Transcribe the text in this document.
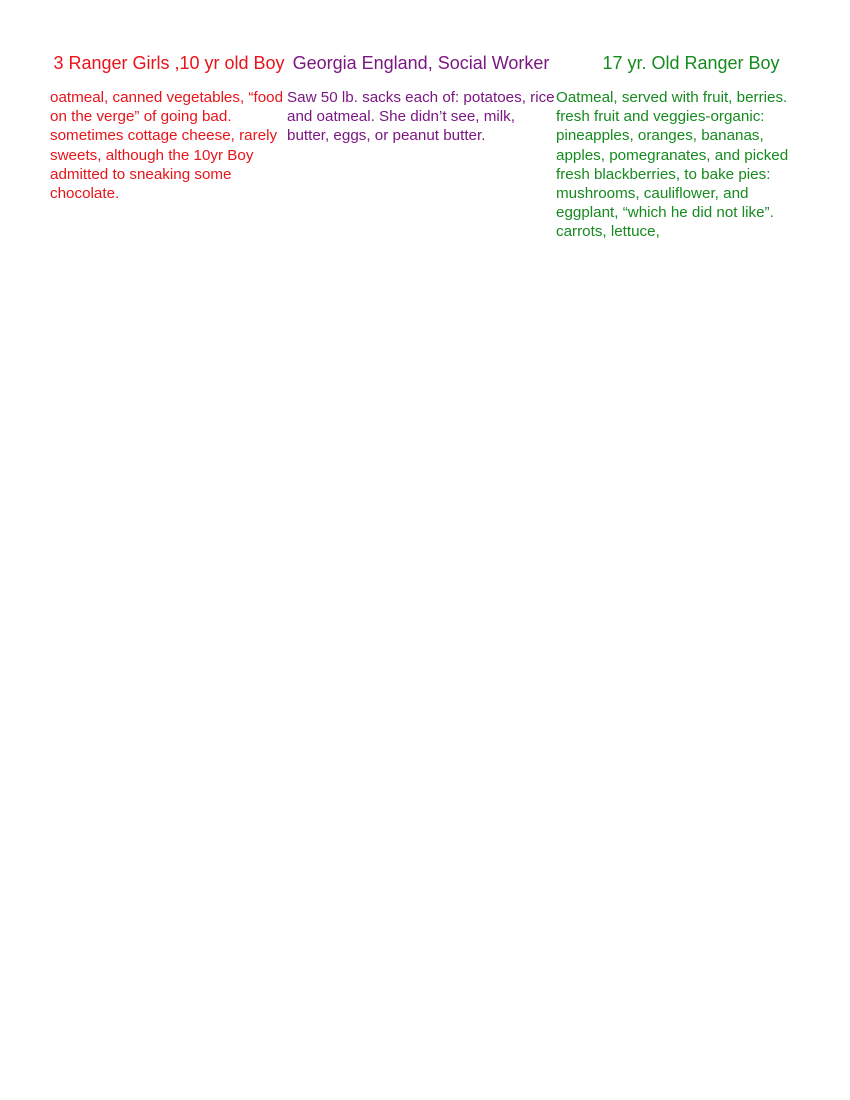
3 Ranger Girls ,10 yr old Boy

oatmeal, canned vegetables, “food on the verge” of going bad. sometimes cottage cheese, rarely sweets, although the 10yr Boy admitted to sneaking some chocolate.

Georgia England, Social Worker

Saw 50 lb. sacks each of: potatoes, rice and oatmeal. She didn’t see, milk, butter, eggs, or peanut butter.

17 yr. Old Ranger Boy

Oatmeal, served with fruit, berries. fresh fruit and veggies-organic: pineapples, oranges, bananas, apples, pomegranates, and picked fresh blackberries, to bake pies: mushrooms, cauliflower, and eggplant, “which he did not like”. carrots, lettuce,
